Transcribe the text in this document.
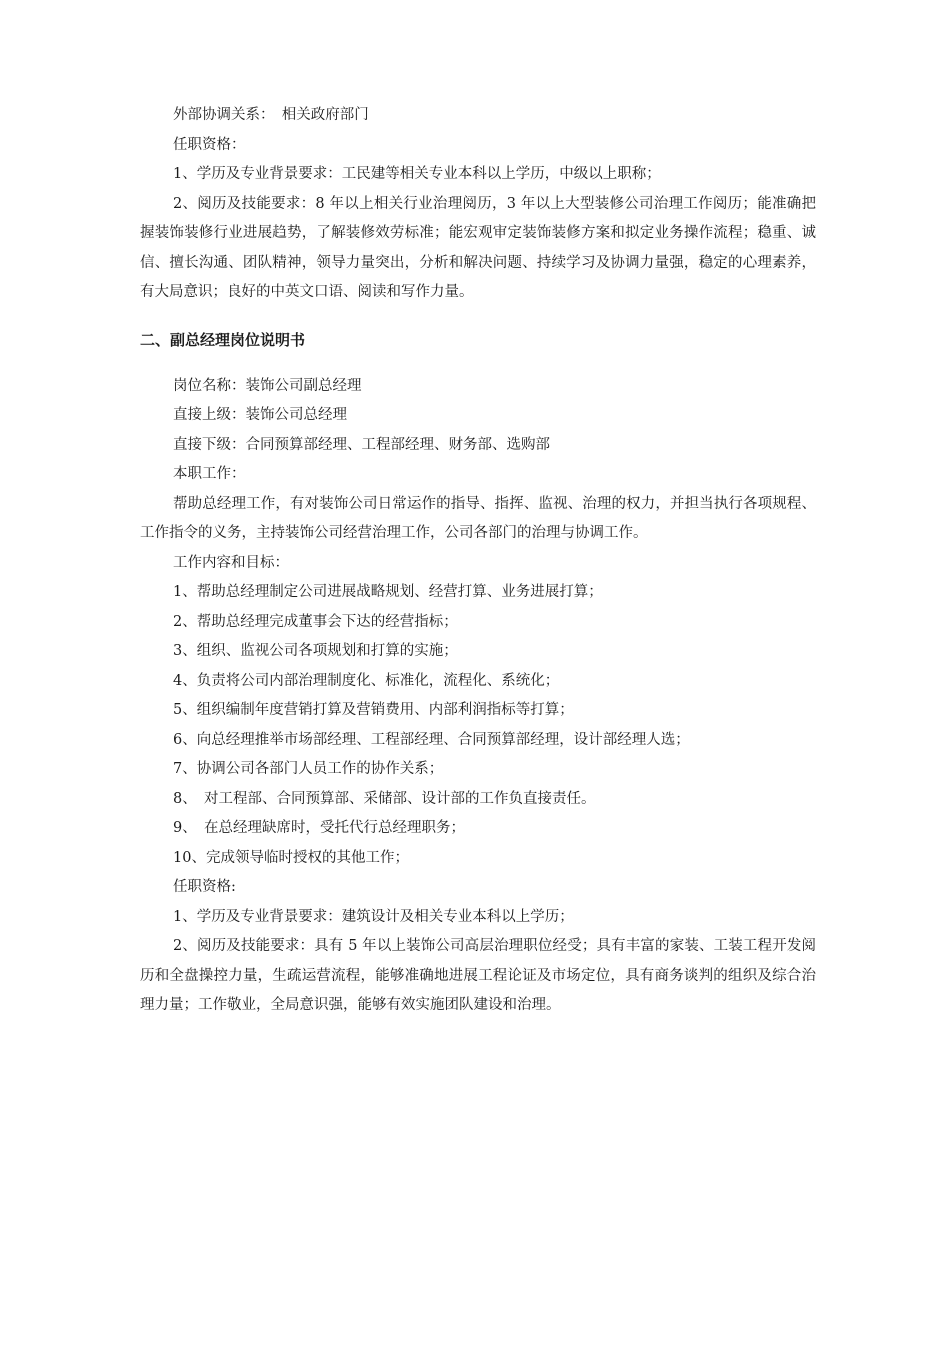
外部协调关系：　相关政府部门

任职资格：

1、学历及专业背景要求：工民建等相关专业本科以上学历，中级以上职称；

2、阅历及技能要求：8 年以上相关行业治理阅历，3 年以上大型装修公司治理工作阅历；能准确把握装饰装修行业进展趋势，了解装修效劳标准；能宏观审定装饰装修方案和拟定业务操作流程；稳重、诚信、擅长沟通、团队精神，领导力量突出，分析和解决问题、持续学习及协调力量强，稳定的心理素养，有大局意识；良好的中英文口语、阅读和写作力量。

二、副总经理岗位说明书

岗位名称：装饰公司副总经理

直接上级：装饰公司总经理

直接下级：合同预算部经理、工程部经理、财务部、选购部

本职工作：

帮助总经理工作，有对装饰公司日常运作的指导、指挥、监视、治理的权力，并担当执行各项规程、工作指令的义务，主持装饰公司经营治理工作，公司各部门的治理与协调工作。

工作内容和目标：

1、帮助总经理制定公司进展战略规划、经营打算、业务进展打算；

2、帮助总经理完成董事会下达的经营指标；

3、组织、监视公司各项规划和打算的实施；

4、负责将公司内部治理制度化、标准化，流程化、系统化；

5、组织编制年度营销打算及营销费用、内部利润指标等打算；

6、向总经理推举市场部经理、工程部经理、合同预算部经理，设计部经理人选；

7、协调公司各部门人员工作的协作关系；

8、　对工程部、合同预算部、采储部、设计部的工作负直接责任。

9、　在总经理缺席时，受托代行总经理职务；

10、完成领导临时授权的其他工作；

任职资格:

1、学历及专业背景要求：建筑设计及相关专业本科以上学历；

2、阅历及技能要求：具有 5 年以上装饰公司高层治理职位经受；具有丰富的家装、工装工程开发阅历和全盘操控力量，生疏运营流程，能够准确地进展工程论证及市场定位，具有商务谈判的组织及综合治理力量；工作敬业，全局意识强，能够有效实施团队建设和治理。
